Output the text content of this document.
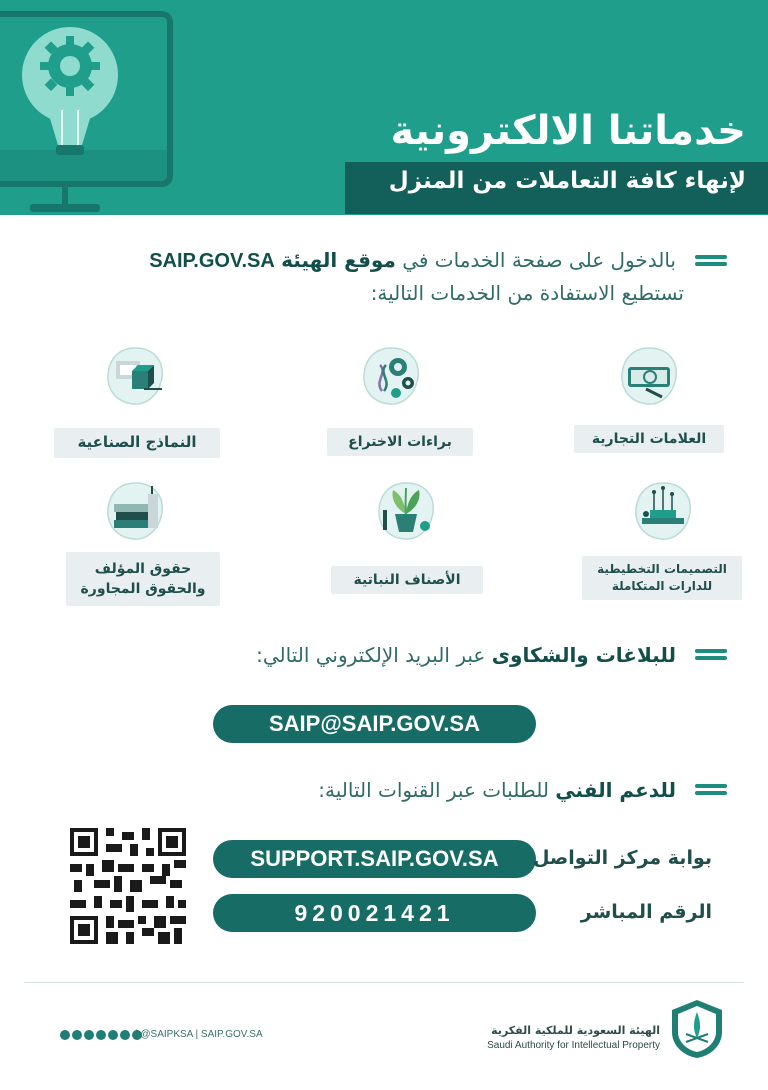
خدماتنا الالكترونية
لإنهاء كافة التعاملات من المنزل
بالدخول على صفحة الخدمات في موقع الهيئة SAIP.GOV.SA
تستطيع الاستفادة من الخدمات التالية:
العلامات التجارية
براءات الاختراع
النماذج الصناعية
التصميمات التخطيطية
للدارات المتكاملة
الأصناف النباتية
حقوق المؤلف
والحقوق المجاورة
للبلاغات والشكاوى عبر البريد الإلكتروني التالي:
SAIP@SAIP.GOV.SA
للدعم الفني للطلبات عبر القنوات التالية:
SUPPORT.SAIP.GOV.SA	بوابة مركز التواصل
920021421	الرقم المباشر
| @SAIPKSA | SAIP.GOV.SA	الهيئة السعودية للملكية الفكرية
Saudi Authority for Intellectual Property
